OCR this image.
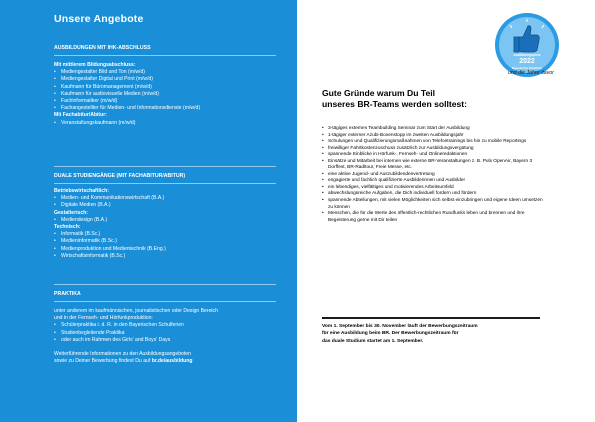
Unsere Angebote
AUSBILDUNGEN MIT IHK-ABSCHLUSS
Mit mittlerem Bildungsabschluss:
• Mediengestalter Bild und Ton (m/w/d)
• Mediengestalter Digital und Print (m/w/d)
• Kaufmann für Büromanagement (m/w/d)
• Kaufmann für audiovisuelle Medien (m/w/d)
• Fachinformatiker (m/w/d)
• Fachangestellter für Medien- und Informationsdienste (m/w/d)
Mit Fachabitur/Abitur:
• Veranstaltungskaufmann (m/w/d)
DUALE STUDIENGÄNGE (MIT FACHABITUR/ABITUR)
Betriebswirtschaftlich:
• Medien- und Kommunikationswirtschaft (B.A.)
• Digitale Medien (B.A.)
Gestalterisch:
• Mediendesign (B.A.)
Technisch:
• Informatik (B.Sc.)
• Medieninformatik (B.Sc.)
• Medienproduktion und Medientechnik (B.Eng.)
• Wirtschaftsinformatik (B.Sc.)
PRAKTIKA

unter anderem im kaufmännischen, journalistischen oder Design Bereich

und in der Fernseh- und Hörfunkproduktion:

• Schülerpraktika i. d. R. in den Bayerischen Schulferien
• Studienbegleitende Praktika
• oder auch im Rahmen des Girls' and Boys' Days

Weiterführende Informationen zu den Ausbildungsangeboten

sowie zu Deiner Bewerbung findest Du auf br.de/ausbildung

Ausbildungspreis
2022
Bayerischer Rundfunk
und die Jahre davor
Gute Gründe warum Du Teil
unseres BR-Teams werden solltest:
• 3-tägiges externes Teambuilding Seminar zum Start der Ausbildung
• 1-tägiger externer Azubi-Boxenstopp im zweiten Ausbildungsjahr
• Schulungen und Qualifizierungsmaßnahmen von Telefontrainings bis hin zu mobile Reportings
• freiwilliger Fahrtkostenzuschuss zusätzlich zur Ausbildungsvergütung
• spannende Einblicke in Hörfunk-, Fernseh- und Onlineredaktionen
• Einsätze und Mitarbeit bei internen wie externe BR-Veranstaltungen z. B. Puls OpenAir, Bayern 3 Dorffest, BR-Radltour, Freie Messe, etc.
• eine aktive Jugend- und Auszubildendenvertretung
• engagierte und fachlich qualifizierte Ausbilderinnen und Ausbilder
• ein lebendiges, vielfältiges und motivierendes Arbeitsumfeld
• abwechslungsreiche Aufgaben, die Dich individuell fordern und fördern
• spannende Abteilungen, mit vielen Möglichkeiten sich selbst einzubringen und eigene Ideen umsetzen zu können
• Menschen, die für die Werte des öffentlich-rechtlichen Rundfunks leben und brennen und ihre Begeisterung gerne mit Dir teilen
Vom 1. September bis 30. November läuft der Bewerbungszeitraum
für eine Ausbildung beim BR. Der Bewerbungszeitraum für
das duale Studium startet am 1. September.
